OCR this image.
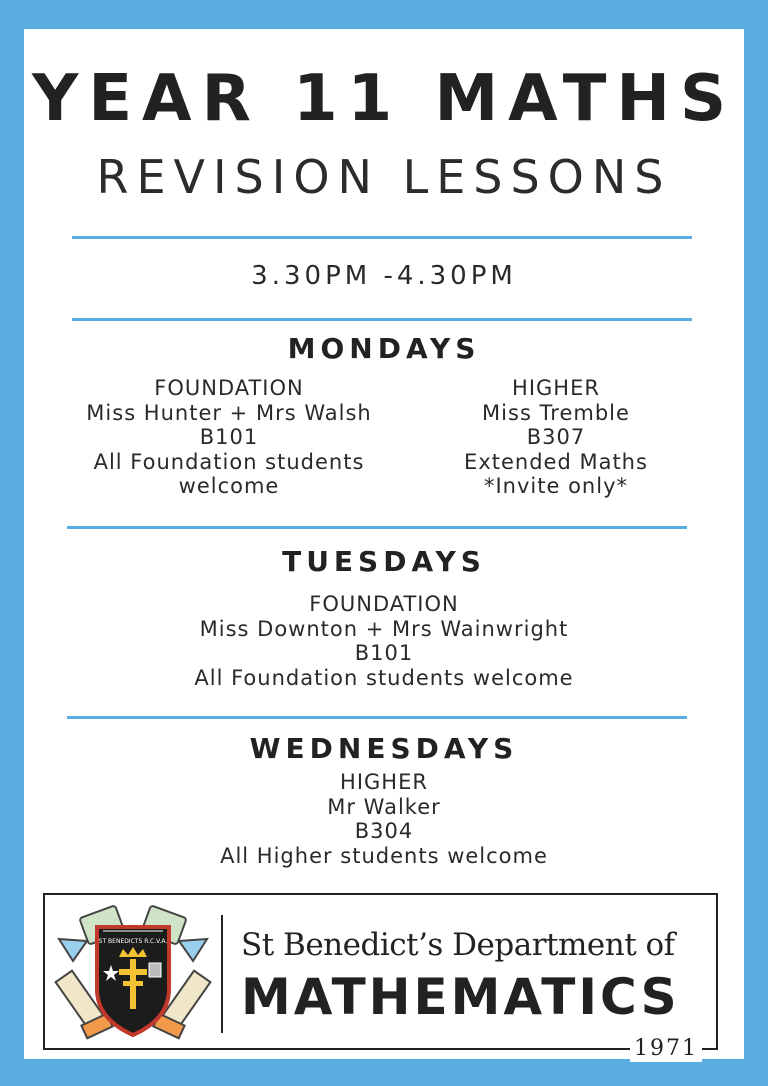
YEAR 11 MATHS
REVISION LESSONS
3.30PM -4.30PM
MONDAYS
FOUNDATION
Miss Hunter + Mrs Walsh
B101
All Foundation students
welcome
HIGHER
Miss Tremble
B307
Extended Maths
*Invite only*
TUESDAYS
FOUNDATION
Miss Downton + Mrs Wainwright
B101
All Foundation students welcome
WEDNESDAYS
HIGHER
Mr Walker
B304
All Higher students welcome
ST BENEDICTS R.C.V.A. St Benedict’s Department of
MATHEMATICS
1971
